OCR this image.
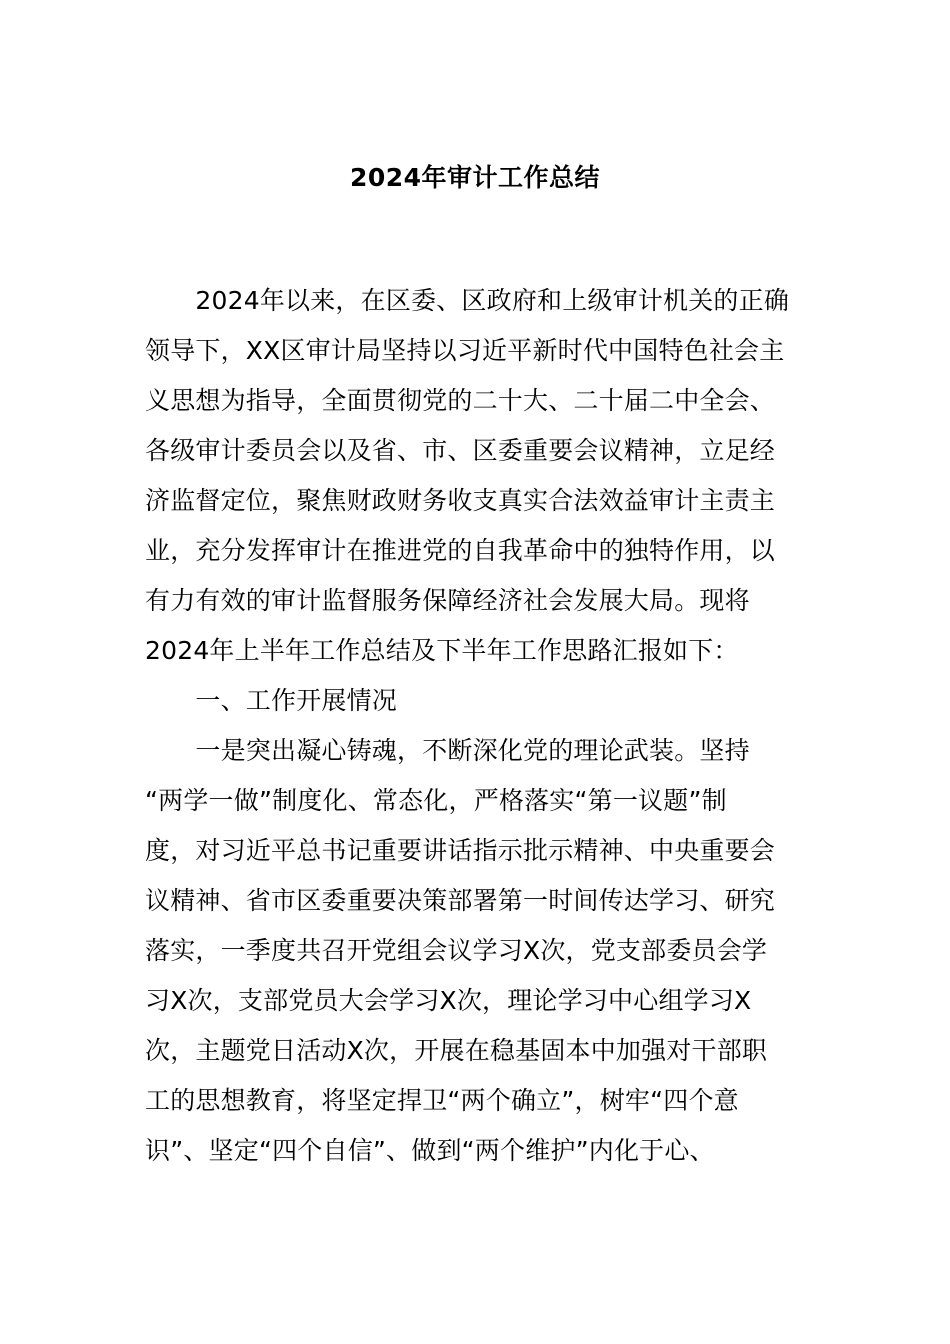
2024年审计工作总结
　　2024年以来，在区委、区政府和上级审计机关的正确
领导下，XX区审计局坚持以习近平新时代中国特色社会主
义思想为指导，全面贯彻党的二十大、二十届二中全会、
各级审计委员会以及省、市、区委重要会议精神，立足经
济监督定位，聚焦财政财务收支真实合法效益审计主责主
业，充分发挥审计在推进党的自我革命中的独特作用，以
有力有效的审计监督服务保障经济社会发展大局。现将
2024年上半年工作总结及下半年工作思路汇报如下：
　　一、工作开展情况
　　一是突出凝心铸魂，不断深化党的理论武装。坚持
“两学一做”制度化、常态化，严格落实“第一议题”制
度，对习近平总书记重要讲话指示批示精神、中央重要会
议精神、省市区委重要决策部署第一时间传达学习、研究
落实，一季度共召开党组会议学习X次，党支部委员会学
习X次，支部党员大会学习X次，理论学习中心组学习X
次，主题党日活动X次，开展在稳基固本中加强对干部职
工的思想教育，将坚定捍卫“两个确立”，树牢“四个意
识”、坚定“四个自信”、做到“两个维护”内化于心、
